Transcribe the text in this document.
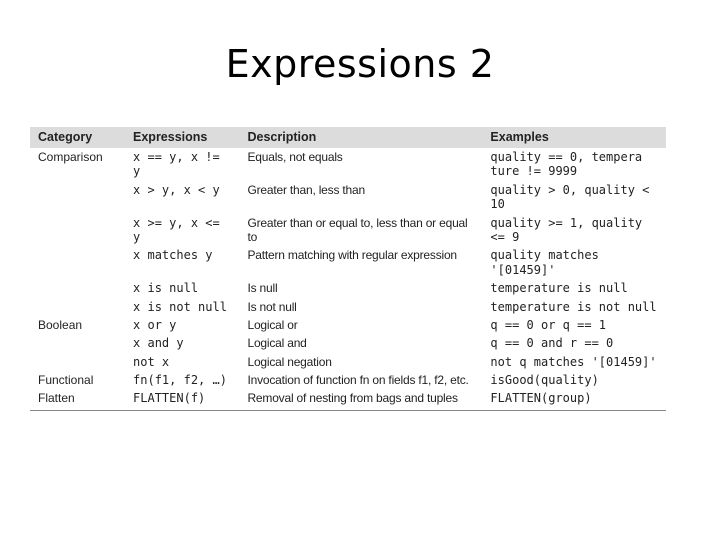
Expressions 2
Category	Expressions	Description	Examples
Comparison	x == y, x != y	Equals, not equals	quality == 0, tempera ture != 9999
	x > y, x < y	Greater than, less than	quality > 0, quality < 10
	x >= y, x <= y	Greater than or equal to, less than or equal to	quality >= 1, quality <= 9
	x matches y	Pattern matching with regular expression	quality matches '[01459]'
	x is null	Is null	temperature is null
	x is not null	Is not null	temperature is not null
Boolean	x or y	Logical or	q == 0 or q == 1
	x and y	Logical and	q == 0 and r == 0
	not x	Logical negation	not q matches '[01459]'
Functional	fn(f1, f2, …)	Invocation of function fn on fields f1, f2, etc.	isGood(quality)
Flatten	FLATTEN(f)	Removal of nesting from bags and tuples	FLATTEN(group)
